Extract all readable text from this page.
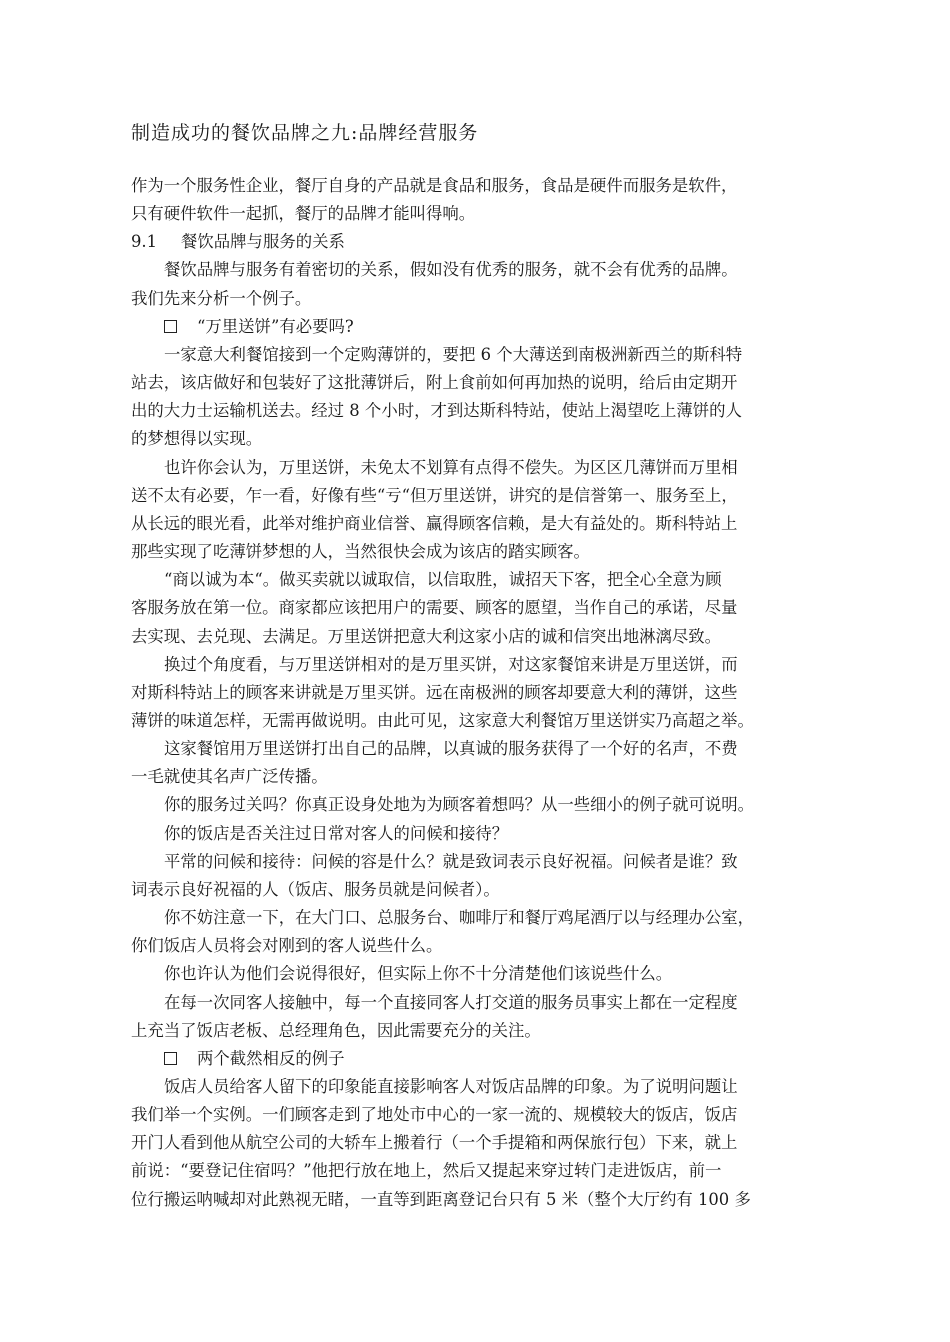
制造成功的餐饮品牌之九:品牌经营服务

作为一个服务性企业，餐厅自身的产品就是食品和服务，食品是硬件而服务是软件，

只有硬件软件一起抓，餐厅的品牌才能叫得响。

9.1 餐饮品牌与服务的关系

餐饮品牌与服务有着密切的关系，假如没有优秀的服务，就不会有优秀的品牌。

我们先来分析一个例子。

“万里送饼”有必要吗?

一家意大利餐馆接到一个定购薄饼的，要把 6 个大薄送到南极洲新西兰的斯科特

站去，该店做好和包装好了这批薄饼后，附上食前如何再加热的说明，给后由定期开

出的大力士运输机送去。经过 8 个小时，才到达斯科特站，使站上渴望吃上薄饼的人

的梦想得以实现。

也许你会认为，万里送饼，未免太不划算有点得不偿失。为区区几薄饼而万里相

送不太有必要，乍一看，好像有些“亏“但万里送饼，讲究的是信誉第一、服务至上，

从长远的眼光看，此举对维护商业信誉、赢得顾客信赖，是大有益处的。斯科特站上

那些实现了吃薄饼梦想的人，当然很快会成为该店的踏实顾客。

“商以诚为本“。做买卖就以诚取信，以信取胜，诚招天下客，把全心全意为顾

客服务放在第一位。商家都应该把用户的需要、顾客的愿望，当作自己的承诺，尽量

去实现、去兑现、去满足。万里送饼把意大利这家小店的诚和信突出地淋漓尽致。

换过个角度看，与万里送饼相对的是万里买饼，对这家餐馆来讲是万里送饼，而

对斯科特站上的顾客来讲就是万里买饼。远在南极洲的顾客却要意大利的薄饼，这些

薄饼的味道怎样，无需再做说明。由此可见，这家意大利餐馆万里送饼实乃高超之举。

这家餐馆用万里送饼打出自己的品牌，以真诚的服务获得了一个好的名声，不费

一毛就使其名声广泛传播。

你的服务过关吗？你真正设身处地为为顾客着想吗？从一些细小的例子就可说明。

你的饭店是否关注过日常对客人的问候和接待？

平常的问候和接待：问候的容是什么？就是致词表示良好祝福。问候者是谁？致

词表示良好祝福的人（饭店、服务员就是问候者）。

你不妨注意一下，在大门口、总服务台、咖啡厅和餐厅鸡尾酒厅以与经理办公室，

你们饭店人员将会对刚到的客人说些什么。

你也许认为他们会说得很好，但实际上你不十分清楚他们该说些什么。

在每一次同客人接触中，每一个直接同客人打交道的服务员事实上都在一定程度

上充当了饭店老板、总经理角色，因此需要充分的关注。

两个截然相反的例子

饭店人员给客人留下的印象能直接影响客人对饭店品牌的印象。为了说明问题让

我们举一个实例。一们顾客走到了地处市中心的一家一流的、规模较大的饭店，饭店

开门人看到他从航空公司的大轿车上搬着行（一个手提箱和两保旅行包）下来，就上

前说：“要登记住宿吗？”他把行放在地上，然后又提起来穿过转门走进饭店，前一

位行搬运呐喊却对此熟视无睹，一直等到距离登记台只有 5 米（整个大厅约有 100 多
